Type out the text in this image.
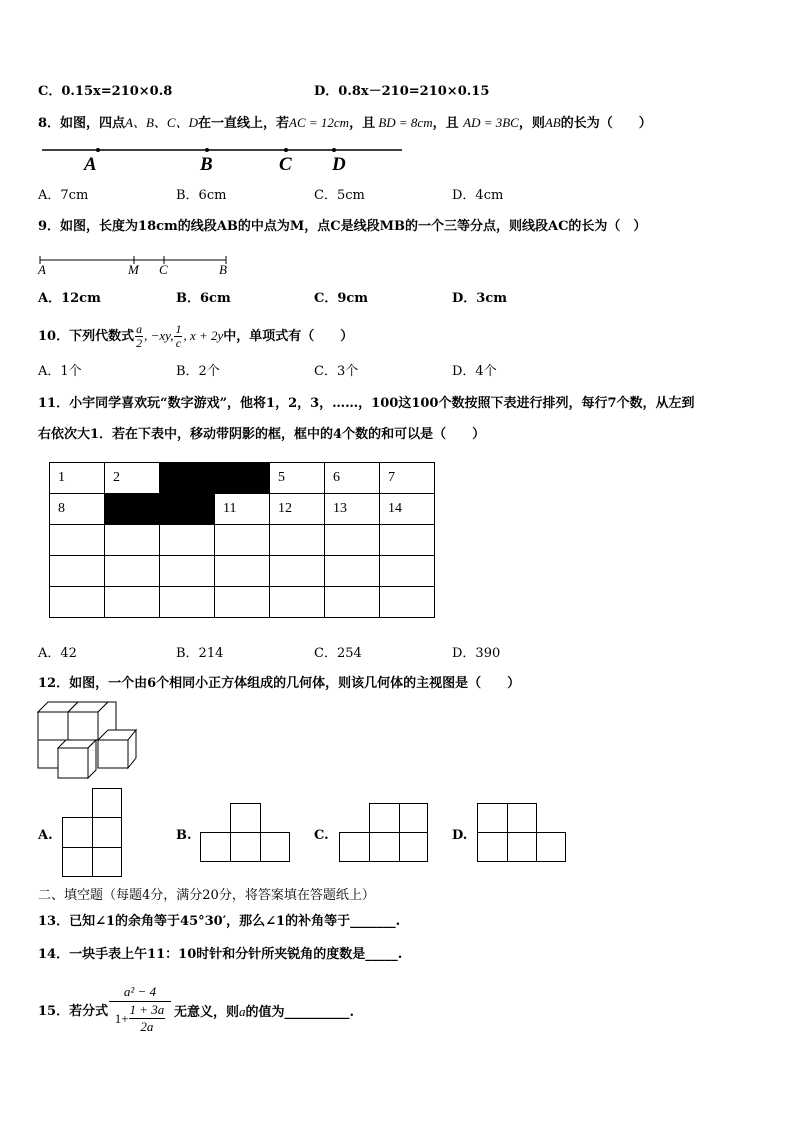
C．0.15x=210×0.8	D．0.8x－210=210×0.15
8．如图，四点A、B、C、D在一直线上，若AC = 12cm，且 BD = 8cm，且 AD = 3BC，则AB的长为（　　）
A	B	C D
A．7cm	B．6cm	C．5cm	D．4cm
9．如图，长度为18cm的线段AB的中点为M，点C是线段MB的一个三等分点，则线段AC的长为（　）
A	M C	B
A．12cm	B．6cm	C．9cm	D．3cm
10．下列代数式 $\frac{a}{2}$ , −xy, $\frac{1}{c}$ , x + 2y中，单项式有（　　）
A．1个	B．2个	C．3个	D．4个
11．小宇同学喜欢玩“数字游戏”，他将1，2，3，……，100这100个数按照下表进行排列，每行7个数，从左到
右依次大1．若在下表中，移动带阴影的框，框中的4个数的和可以是（　　）
1	2			5	6	7
8			11	12	13	14

A．42	B．214	C．254	D．390
12．如图，一个由6个相同小正方体组成的几何体，则该几何体的主视图是（　　）
A.	B.	C.	D.
二、填空题（每题4分，满分20分，将答案填在答题纸上）
13．已知∠1的余角等于45°30′，那么∠1的补角等于_______.
14．一块手表上午11：10时针和分针所夹锐角的度数是_____.
15．若分式
a² − 4
$1+ \frac{1 + 3a}{2a}$ 无意义，则a的值为__________.
